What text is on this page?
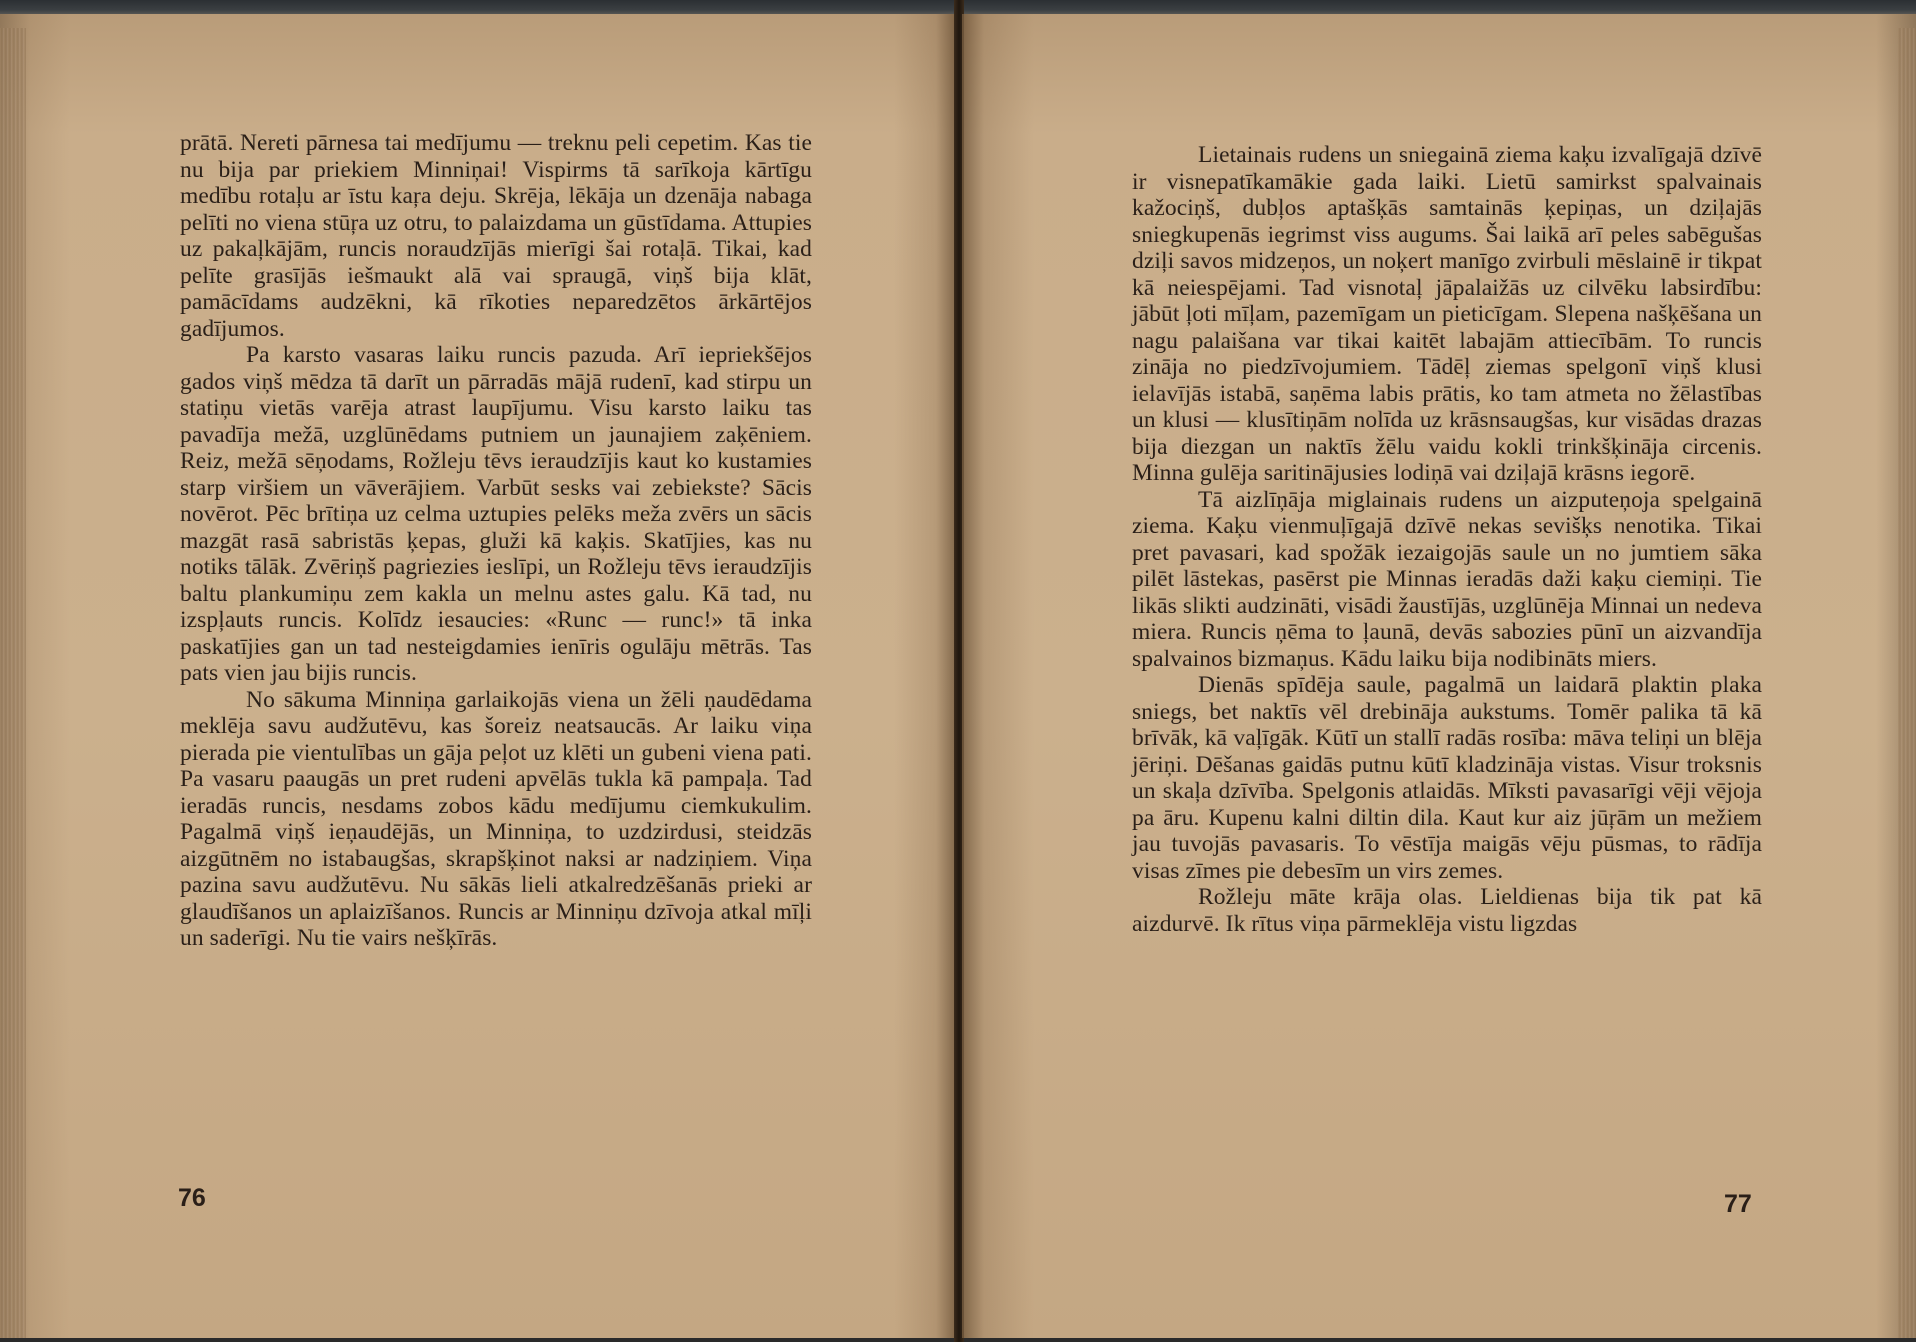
prātā. Nereti pārnesa tai medījumu — treknu peli cepetim. Kas tie nu bija par priekiem Minniņai! Vispirms tā sarīkoja kārtīgu medību rotaļu ar īstu kaŗa deju. Skrēja, lēkāja un dzenāja nabaga pelīti no viena stūŗa uz otru, to palaizdama un gūstīdama. Attupies uz pakaļkājām, runcis noraudzījās mierīgi šai rotaļā. Tikai, kad pelīte grasījās iešmaukt alā vai spraugā, viņš bija klāt, pamācīdams audzēkni, kā rīkoties neparedzētos ārkārtējos gadījumos.

Pa karsto vasaras laiku runcis pazuda. Arī iepriekšējos gados viņš mēdza tā darīt un pārradās mājā rudenī, kad stirpu un statiņu vietās varēja atrast laupījumu. Visu karsto laiku tas pavadīja mežā, uzglūnēdams putniem un jaunajiem zaķēniem. Reiz, mežā sēņodams, Rožleju tēvs ieraudzījis kaut ko kustamies starp viršiem un vāverājiem. Varbūt sesks vai zebiekste? Sācis novērot. Pēc brītiņa uz celma uztupies pelēks meža zvērs un sācis mazgāt rasā sabristās ķepas, gluži kā kaķis. Skatījies, kas nu notiks tālāk. Zvēriņš pagriezies ieslīpi, un Rožleju tēvs ieraudzījis baltu plankumiņu zem kakla un melnu astes galu. Kā tad, nu izspļauts runcis. Kolīdz iesaucies: «Runc — runc!» tā inka paskatījies gan un tad nesteigdamies ienīris ogulāju mētrās. Tas pats vien jau bijis runcis.

No sākuma Minniņa garlaikojās viena un žēli ņaudēdama meklēja savu audžutēvu, kas šoreiz neatsaucās. Ar laiku viņa pierada pie vientulības un gāja peļot uz klēti un gubeni viena pati. Pa vasaru paaugās un pret rudeni apvēlās tukla kā pampaļa. Tad ieradās runcis, nesdams zobos kādu medījumu ciemkukulim. Pagalmā viņš ieņaudējās, un Minniņa, to uzdzirdusi, steidzās aizgūtnēm no istabaugšas, skrapšķinot naksi ar nadziņiem. Viņa pazina savu audžutēvu. Nu sākās lieli atkalredzēšanās prieki ar glaudīšanos un aplaizīšanos. Runcis ar Minniņu dzīvoja atkal mīļi un saderīgi. Nu tie vairs nešķīrās.

76

Lietainais rudens un sniegainā ziema kaķu izvalīgajā dzīvē ir visnepatīkamākie gada laiki. Lietū samirkst spalvainais kažociņš, dubļos aptašķās samtainās ķepiņas, un dziļajās sniegkupenās iegrimst viss augums. Šai laikā arī peles sabēgušas dziļi savos midzeņos, un noķert manīgo zvirbuli mēslainē ir tikpat kā neiespējami. Tad visnotaļ jāpalaižās uz cilvēku labsirdību: jābūt ļoti mīļam, pazemīgam un pieticīgam. Slepena našķēšana un nagu palaišana var tikai kaitēt labajām attiecībām. To runcis zināja no piedzīvojumiem. Tādēļ ziemas spelgonī viņš klusi ielavījās istabā, saņēma labis prātis, ko tam atmeta no žēlastības un klusi — klusītiņām nolīda uz krāsnsaugšas, kur visādas drazas bija diezgan un naktīs žēlu vaidu kokli trinkšķināja circenis. Minna gulēja saritinājusies lodiņā vai dziļajā krāsns iegorē.

Tā aizlīņāja miglainais rudens un aizputeņoja spelgainā ziema. Kaķu vienmuļīgajā dzīvē nekas sevišķs nenotika. Tikai pret pavasari, kad spožāk iezaigojās saule un no jumtiem sāka pilēt lāstekas, pasērst pie Minnas ieradās daži kaķu ciemiņi. Tie likās slikti audzināti, visādi žaustījās, uzglūnēja Minnai un nedeva miera. Runcis ņēma to ļaunā, devās sabozies pūnī un aizvandīja spalvainos bizmaņus. Kādu laiku bija nodibināts miers.

Dienās spīdēja saule, pagalmā un laidarā plaktin plaka sniegs, bet naktīs vēl drebināja aukstums. Tomēr palika tā kā brīvāk, kā vaļīgāk. Kūtī un stallī radās rosība: māva teliņi un blēja jēriņi. Dēšanas gaidās putnu kūtī kladzināja vistas. Visur troksnis un skaļa dzīvība. Spelgonis atlaidās. Mīksti pavasarīgi vēji vējoja pa āru. Kupenu kalni diltin dila. Kaut kur aiz jūŗām un mežiem jau tuvojās pavasaris. To vēstīja maigās vēju pūsmas, to rādīja visas zīmes pie debesīm un virs zemes.

Rožleju māte krāja olas. Lieldienas bija tik pat kā aizdurvē. Ik rītus viņa pārmeklēja vistu ligzdas

77
